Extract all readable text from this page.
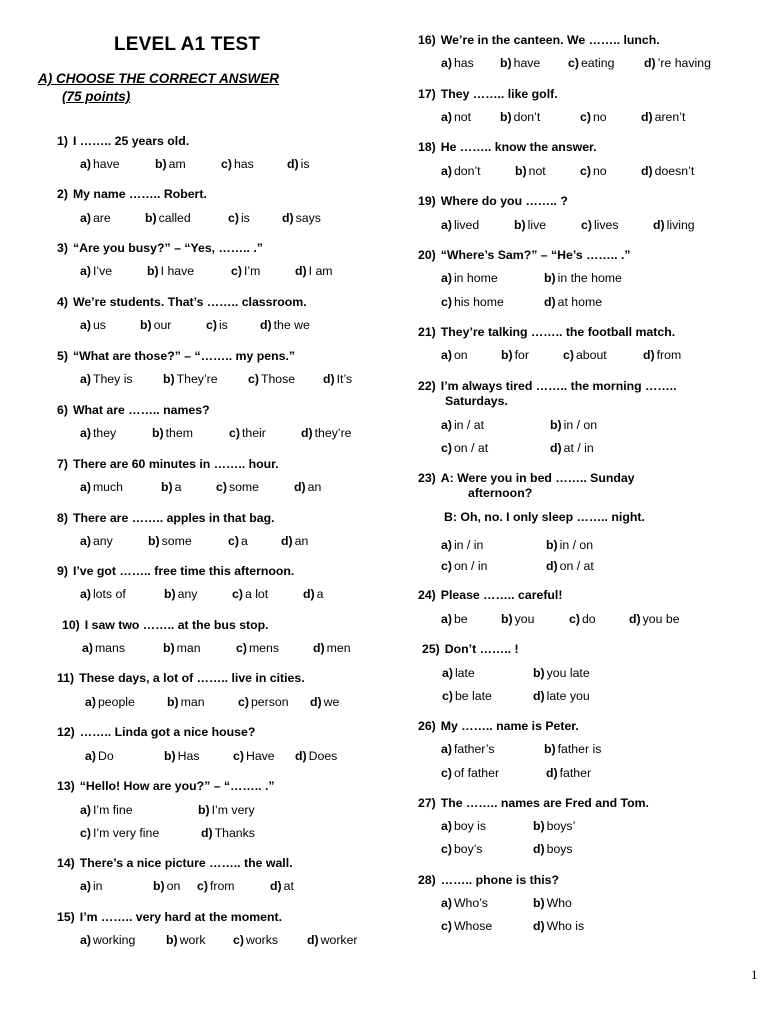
LEVEL A1 TEST
A) CHOOSE THE CORRECT ANSWER
(75 points)
1) I …….. 25 years old.
a) have	b) am	c) has	d) is
2) My name …….. Robert.
a) are	b) called	c) is	d) says
3) “Are you busy?” – “Yes, …….. .”
a) I’ve	b) I have	c) I’m	d) I am
4) We’re students. That’s …….. classroom.
a) us	b) our	c) is	d) the we
5) “What are those?” – “…….. my pens.”
a) They is b) They’re c) Those d) It’s
6) What are …….. names?
a) they	b) them	c) their	d) they’re
7) There are 60 minutes in …….. hour.
a) much	b) a	c) some	d) an
8) There are …….. apples in that bag.
a) any	b) some	c) a	d) an
9) I’ve got …….. free time this afternoon.
a) lots of	b) any	c) a lot	d) a
10) I saw two …….. at the bus stop.
a) mans	b) man	c) mens	d) men
11) These days, a lot of …….. live in cities.
a) people	b) man	c) person d) we
12) …….. Linda got a nice house?
a) Do	b) Has	c) Have d) Does
13) “Hello! How are you?” – “…….. .”
a) I’m fine	b) I’m very
c) I’m very fine	d) Thanks
14) There’s a nice picture …….. the wall.
a) in	b) on c) from	d) at
15) I’m …….. very hard at the moment.
a) working b) work c) works d) worker
16) We’re in the canteen. We …….. lunch.
a) has b) have c) eating d) ’re having
17) They …….. like golf.
a) not b) don’t	c) no	d) aren’t
18) He …….. know the answer.
a) don’t	b) not	c) no	d) doesn’t
19) Where do you …….. ?
a) lived	b) live	c) lives	d) living
20) “Where’s Sam?” – “He’s …….. .”
a) in home	b) in the home
c) his home	d) at home
21) They’re talking …….. the football match.
a) on	b) for	c) about	d) from
22) I’m always tired …….. the morning ……..
Saturdays.
a) in / at	b) in / on
c) on / at	d) at / in
23) A: Were you in bed …….. Sunday
afternoon?
B: Oh, no. I only sleep …….. night.
a) in / in	b) in / on
c) on / in	d) on / at
24) Please …….. careful!
a) be	b) you	c) do	d) you be
25) Don’t …….. !
a) late	b) you late
c) be late	d) late you
26) My …….. name is Peter.
a) father’s	b) father is
c) of father	d) father
27) The …….. names are Fred and Tom.
a) boy is	b) boys’
c) boy’s	d) boys
28) …….. phone is this?
a) Who’s	b) Who
c) Whose	d) Who is
1
